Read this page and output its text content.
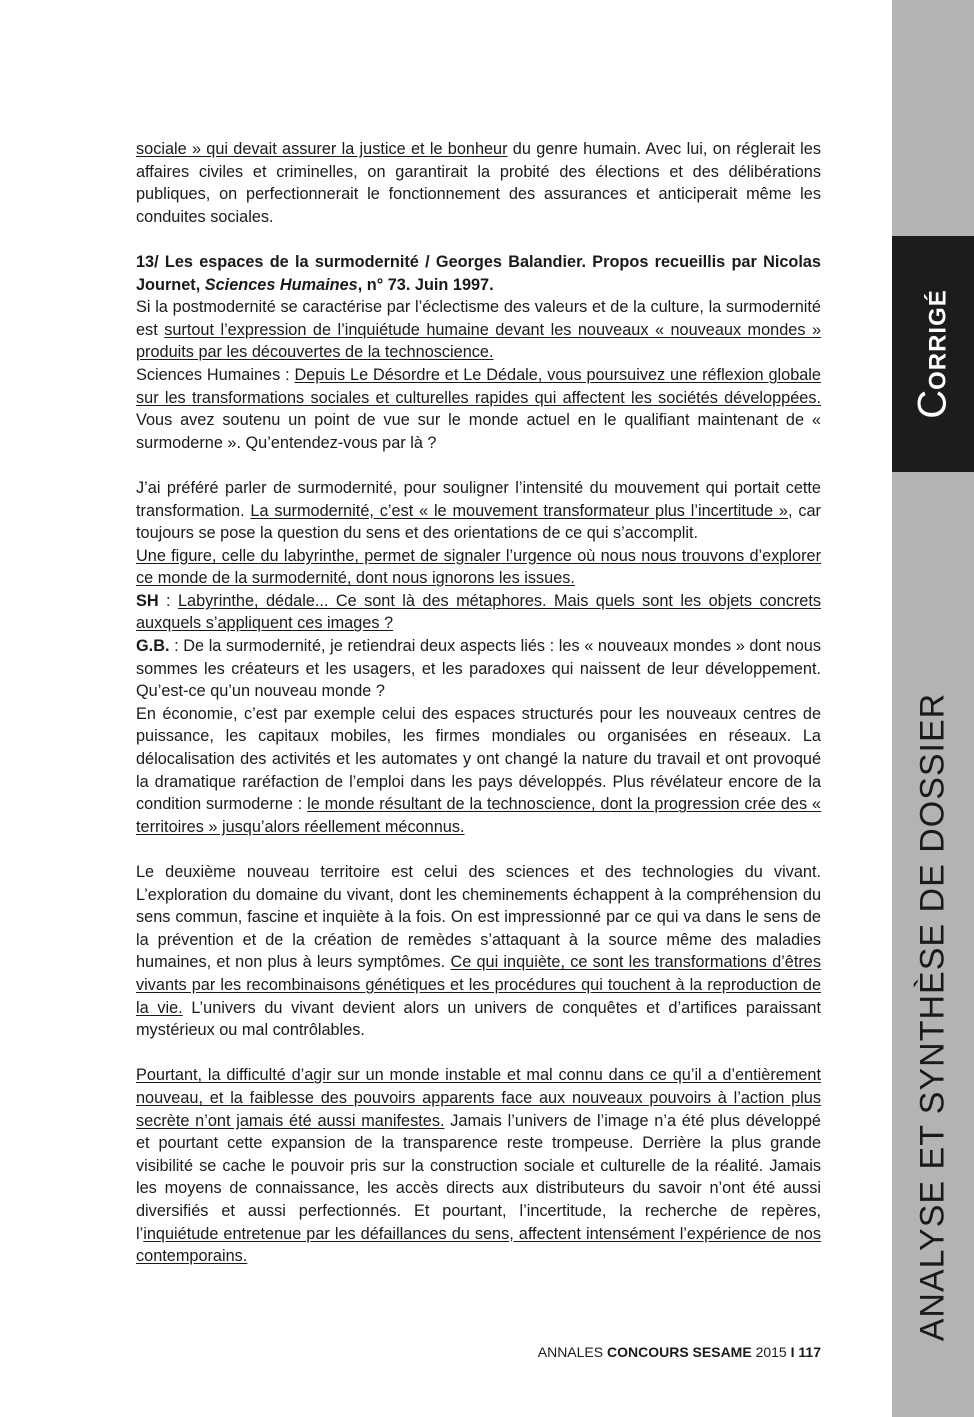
CORRIGÉ
ANALYSE ET SYNTHÈSE DE DOSSIER

sociale » qui devait assurer la justice et le bonheur du genre humain. Avec lui, on réglerait les affaires civiles et criminelles, on garantirait la probité des élections et des délibérations publiques, on perfectionnerait le fonctionnement des assurances et anticiperait même les conduites sociales.

13/ Les espaces de la surmodernité / Georges Balandier. Propos recueillis par Nicolas Journet, Sciences Humaines, n° 73. Juin 1997.

Si la postmodernité se caractérise par l’éclectisme des valeurs et de la culture, la surmodernité est surtout l’expression de l’inquiétude humaine devant les nouveaux « nouveaux mondes » produits par les découvertes de la technoscience.

Sciences Humaines : Depuis Le Désordre et Le Dédale, vous poursuivez une réflexion globale sur les transformations sociales et culturelles rapides qui affectent les sociétés développées. Vous avez soutenu un point de vue sur le monde actuel en le qualifiant maintenant de « surmoderne ». Qu’entendez-vous par là ?

J’ai préféré parler de surmodernité, pour souligner l’intensité du mouvement qui portait cette transformation. La surmodernité, c’est « le mouvement transformateur plus l’incertitude », car toujours se pose la question du sens et des orientations de ce qui s’accomplit.

Une figure, celle du labyrinthe, permet de signaler l’urgence où nous nous trouvons d’explorer ce monde de la surmodernité, dont nous ignorons les issues.

SH : Labyrinthe, dédale... Ce sont là des métaphores. Mais quels sont les objets concrets auxquels s’appliquent ces images ?

G.B. : De la surmodernité, je retiendrai deux aspects liés : les « nouveaux mondes » dont nous sommes les créateurs et les usagers, et les paradoxes qui naissent de leur développement. Qu’est-ce qu’un nouveau monde ?

En économie, c’est par exemple celui des espaces structurés pour les nouveaux centres de puissance, les capitaux mobiles, les firmes mondiales ou organisées en réseaux. La délocalisation des activités et les automates y ont changé la nature du travail et ont provoqué la dramatique raréfaction de l’emploi dans les pays développés. Plus révélateur encore de la condition surmoderne : le monde résultant de la technoscience, dont la progression crée des « territoires » jusqu’alors réellement méconnus.

Le deuxième nouveau territoire est celui des sciences et des technologies du vivant. L’exploration du domaine du vivant, dont les cheminements échappent à la compréhension du sens commun, fascine et inquiète à la fois. On est impressionné par ce qui va dans le sens de la prévention et de la création de remèdes s’attaquant à la source même des maladies humaines, et non plus à leurs symptômes. Ce qui inquiète, ce sont les transformations d’êtres vivants par les recombinaisons génétiques et les procédures qui touchent à la reproduction de la vie. L’univers du vivant devient alors un univers de conquêtes et d’artifices paraissant mystérieux ou mal contrôlables.

Pourtant, la difficulté d’agir sur un monde instable et mal connu dans ce qu’il a d’entièrement nouveau, et la faiblesse des pouvoirs apparents face aux nouveaux pouvoirs à l’action plus secrète n’ont jamais été aussi manifestes. Jamais l’univers de l’image n’a été plus développé et pourtant cette expansion de la transparence reste trompeuse. Derrière la plus grande visibilité se cache le pouvoir pris sur la construction sociale et culturelle de la réalité. Jamais les moyens de connaissance, les accès directs aux distributeurs du savoir n’ont été aussi diversifiés et aussi perfectionnés. Et pourtant, l’incertitude, la recherche de repères, l’inquiétude entretenue par les défaillances du sens, affectent intensément l’expérience de nos contemporains.

ANNALES CONCOURS SESAME 2015 I 117
